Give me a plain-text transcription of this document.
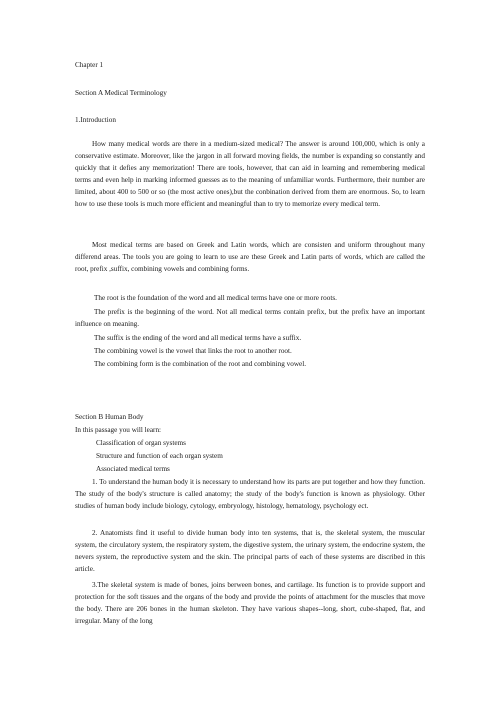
Chapter 1

Section A Medical Terminology

1.Introduction

How many medical words are there in a medium-sized medical? The answer is around 100,000, which is only a conservative estimate. Moreover, like the jargon in all forward moving fields, the number is expanding so constantly and quickly that it defies any memorization! There are tools, however, that can aid in learning and remembering medical terms and even help in marking informed guesses as to the meaning of unfamiliar words. Furthermore, their number are limited, about 400 to 500 or so (the most active ones),but the conbination derived from them are enormous. So, to learn how to use these tools is much more efficient and meaningful than to try to memorize every medical term.

Most medical terms are based on Greek and Latin words, which are consisten and uniform throughout many differend areas. The tools you are going to learn to use are these Greek and Latin parts of words, which are called the root, prefix ,suffix, combining vowels and combining forms.

The root is the foundation of the word and all medical terms have one or more roots.

The prefix is the beginning of the word. Not all medical terms contain prefix, but the prefix have an important influence on meaning.

The suffix is the ending of the word and all medical terms have a suffix.

The combining vowel is the vowel that links the root to another root.

The combining form is the combination of the root and combining vowel.

Section B Human Body

In this passage you will learn:

Classification of organ systems

Structure and function of each organ system

Associated medical terms

1. To understand the human body it is necessary to understand how its parts are put together and how they function. The study of the body's structure is called anatomy; the study of the body's function is known as physiology. Other studies of human body include biology, cytology, embryology, histology, hematology, psychology ect.

2. Anatomists find it useful to divide human body into ten systems, that is, the skeletal system, the muscular system, the circulatory system, the respiratory system, the digestive system, the urinary system, the endocrine system, the nevers system, the reproductive system and the skin. The principal parts of each of these systems are discribed in this article.

3.The skeletal system is made of bones, joins berween bones, and cartilage. Its function is to provide support and protection for the soft tissues and the organs of the body and provide the points of attachment for the muscles that move the body. There are 206 bones in the human skeleton. They have various shapes--long, short, cube-shaped, flat, and irregular. Many of the long
